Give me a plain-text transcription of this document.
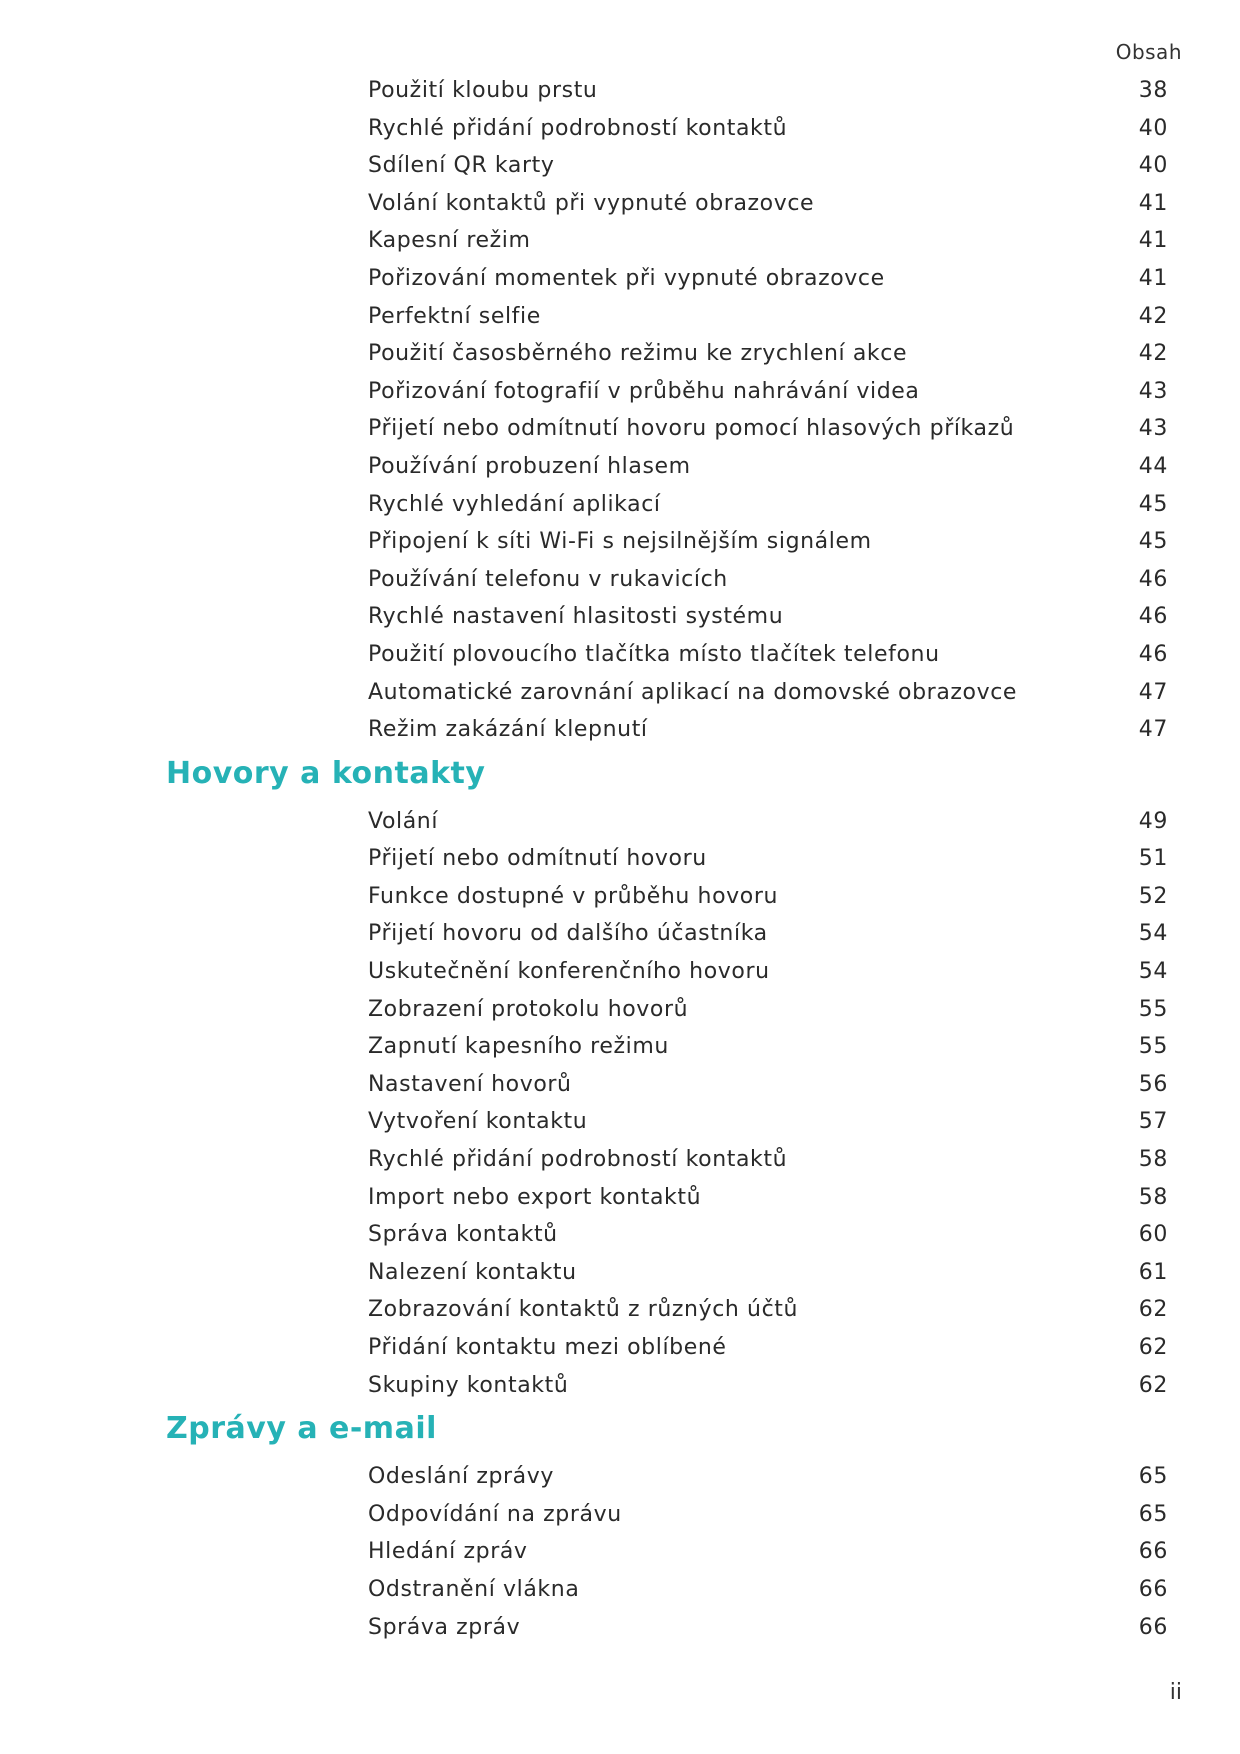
Obsah
Použití kloubu prstu	38
Rychlé přidání podrobností kontaktů	40
Sdílení QR karty	40
Volání kontaktů při vypnuté obrazovce	41
Kapesní režim	41
Pořizování momentek při vypnuté obrazovce	41
Perfektní selfie	42
Použití časosběrného režimu ke zrychlení akce	42
Pořizování fotografií v průběhu nahrávání videa	43
Přijetí nebo odmítnutí hovoru pomocí hlasových příkazů	43
Používání probuzení hlasem	44
Rychlé vyhledání aplikací	45
Připojení k síti Wi-Fi s nejsilnějším signálem	45
Používání telefonu v rukavicích	46
Rychlé nastavení hlasitosti systému	46
Použití plovoucího tlačítka místo tlačítek telefonu	46
Automatické zarovnání aplikací na domovské obrazovce	47
Režim zakázání klepnutí	47
Hovory a kontakty
Volání	49
Přijetí nebo odmítnutí hovoru	51
Funkce dostupné v průběhu hovoru	52
Přijetí hovoru od dalšího účastníka	54
Uskutečnění konferenčního hovoru	54
Zobrazení protokolu hovorů	55
Zapnutí kapesního režimu	55
Nastavení hovorů	56
Vytvoření kontaktu	57
Rychlé přidání podrobností kontaktů	58
Import nebo export kontaktů	58
Správa kontaktů	60
Nalezení kontaktu	61
Zobrazování kontaktů z různých účtů	62
Přidání kontaktu mezi oblíbené	62
Skupiny kontaktů	62
Zprávy a e-mail
Odeslání zprávy	65
Odpovídání na zprávu	65
Hledání zpráv	66
Odstranění vlákna	66
Správa zpráv	66
ii
